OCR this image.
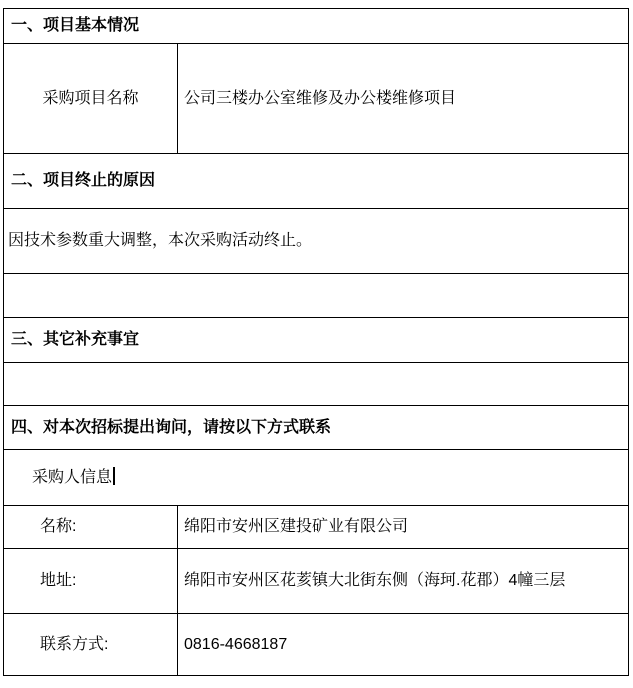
一、项目基本情况	
采购项目名称	公司三楼办公室维修及办公楼维修项目
二、项目终止的原因	
因技术参数重大调整，本次采购活动终止。	

三、其它补充事宜	

四、对本次招标提出询问，请按以下方式联系	
采购人信息	
名称:	绵阳市安州区建投矿业有限公司
地址:	绵阳市安州区花荄镇大北街东侧（海珂.花郡）4幢三层
联系方式:	0816-4668187
